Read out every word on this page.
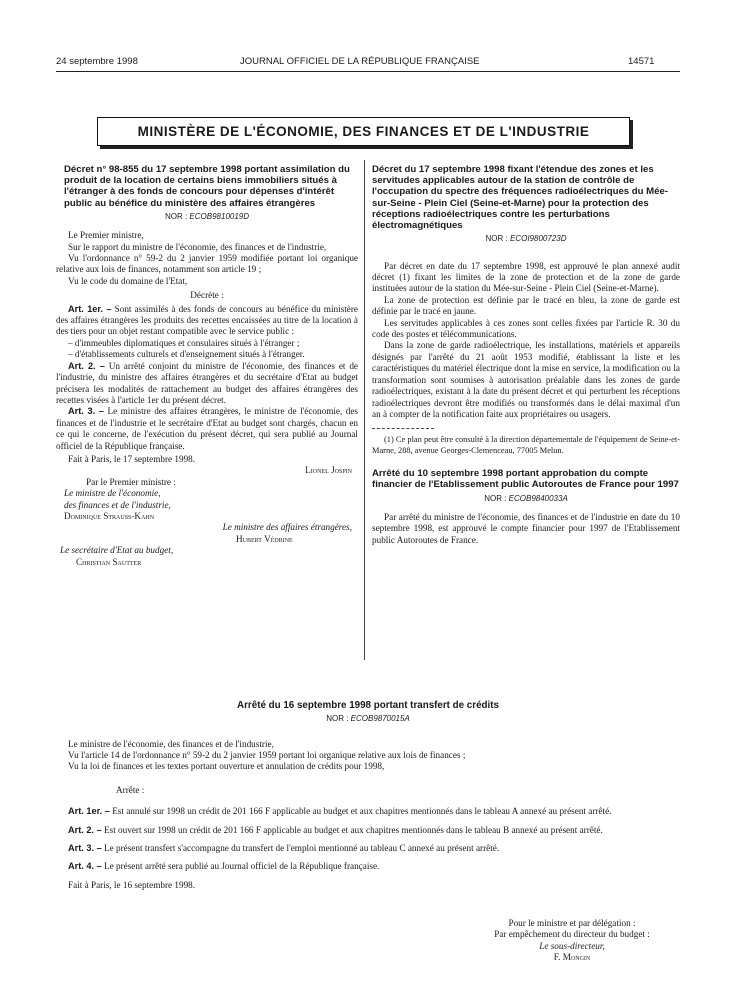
24 septembre 1998	JOURNAL OFFICIEL DE LA RÉPUBLIQUE FRANÇAISE	14571
MINISTÈRE DE L'ÉCONOMIE, DES FINANCES ET DE L'INDUSTRIE
Décret n° 98-855 du 17 septembre 1998 portant assimilation du produit de la location de certains biens immobiliers situés à l'étranger à des fonds de concours pour dépenses d'intérêt public au bénéfice du ministère des affaires étrangères
NOR : ECOB9810019D

Le Premier ministre,

Sur le rapport du ministre de l'économie, des finances et de l'industrie,

Vu l'ordonnance n° 59-2 du 2 janvier 1959 modifiée portant loi organique relative aux lois de finances, notamment son article 19 ;

Vu le code du domaine de l'Etat,

Décrète :

Art. 1er. – Sont assimilés à des fonds de concours au bénéfice du ministère des affaires étrangères les produits des recettes encaissées au titre de la location à des tiers pour un objet restant compatible avec le service public :

– d'immeubles diplomatiques et consulaires situés à l'étranger ;

– d'établissements culturels et d'enseignement situés à l'étranger.

Art. 2. – Un arrêté conjoint du ministre de l'économie, des finances et de l'industrie, du ministre des affaires étrangères et du secrétaire d'Etat au budget précisera les modalités de rattachement au budget des affaires étrangères des recettes visées à l'article 1er du présent décret.

Art. 3. – Le ministre des affaires étrangères, le ministre de l'économie, des finances et de l'industrie et le secrétaire d'Etat au budget sont chargés, chacun en ce qui le concerne, de l'exécution du présent décret, qui sera publié au Journal officiel de la République française.

Fait à Paris, le 17 septembre 1998.

Lionel Jospin

Par le Premier ministre :

Le ministre de l'économie,

des finances et de l'industrie,

Dominique Strauss-Kahn

Le ministre des affaires étrangères,

Hubert Védrine

Le secrétaire d'Etat au budget,

Christian Sautter

Décret du 17 septembre 1998 fixant l'étendue des zones et les servitudes applicables autour de la station de contrôle de l'occupation du spectre des fréquences radioélectriques du Mée-sur-Seine - Plein Ciel (Seine-et-Marne) pour la protection des réceptions radioélectriques contre les perturbations électromagnétiques
NOR : ECOI9800723D

Par décret en date du 17 septembre 1998, est approuvé le plan annexé audit décret (1) fixant les limites de la zone de protection et de la zone de garde instituées autour de la station du Mée-sur-Seine - Plein Ciel (Seine-et-Marne).

La zone de protection est définie par le tracé en bleu, la zone de garde est définie par le tracé en jaune.

Les servitudes applicables à ces zones sont celles fixées par l'article R. 30 du code des postes et télécommunications.

Dans la zone de garde radioélectrique, les installations, matériels et appareils désignés par l'arrêté du 21 août 1953 modifié, établissant la liste et les caractéristiques du matériel électrique dont la mise en service, la modification ou la transformation sont soumises à autorisation préalable dans les zones de garde radioélectriques, existant à la date du présent décret et qui perturbent les réceptions radioélectriques devront être modifiés ou transformés dans le délai maximal d'un an à compter de la notification faite aux propriétaires ou usagers.

(1) Ce plan peut être consulté à la direction départementale de l'équipement de Seine-et-Marne, 288, avenue Georges-Clemenceau, 77005 Melun.

Arrêté du 10 septembre 1998 portant approbation du compte financier de l'Etablissement public Autoroutes de France pour 1997
NOR : ECOB9840033A

Par arrêté du ministre de l'économie, des finances et de l'industrie en date du 10 septembre 1998, est approuvé le compte financier pour 1997 de l'Etablissement public Autoroutes de France.

Arrêté du 16 septembre 1998 portant transfert de crédits
NOR : ECOB9870015A

Le ministre de l'économie, des finances et de l'industrie,

Vu l'article 14 de l'ordonnance n° 59-2 du 2 janvier 1959 portant loi organique relative aux lois de finances ;

Vu la loi de finances et les textes portant ouverture et annulation de crédits pour 1998,

Arrête :

Art. 1er. – Est annulé sur 1998 un crédit de 201 166 F applicable au budget et aux chapitres mentionnés dans le tableau A annexé au présent arrêté.

Art. 2. – Est ouvert sur 1998 un crédit de 201 166 F applicable au budget et aux chapitres mentionnés dans le tableau B annexé au présent arrêté.

Art. 3. – Le présent transfert s'accompagne du transfert de l'emploi mentionné au tableau C annexé au présent arrêté.

Art. 4. – Le présent arrêté sera publié au Journal officiel de la République française.

Fait à Paris, le 16 septembre 1998.

Pour le ministre et par délégation :

Par empêchement du directeur du budget :

Le sous-directeur,

F. Mongin
